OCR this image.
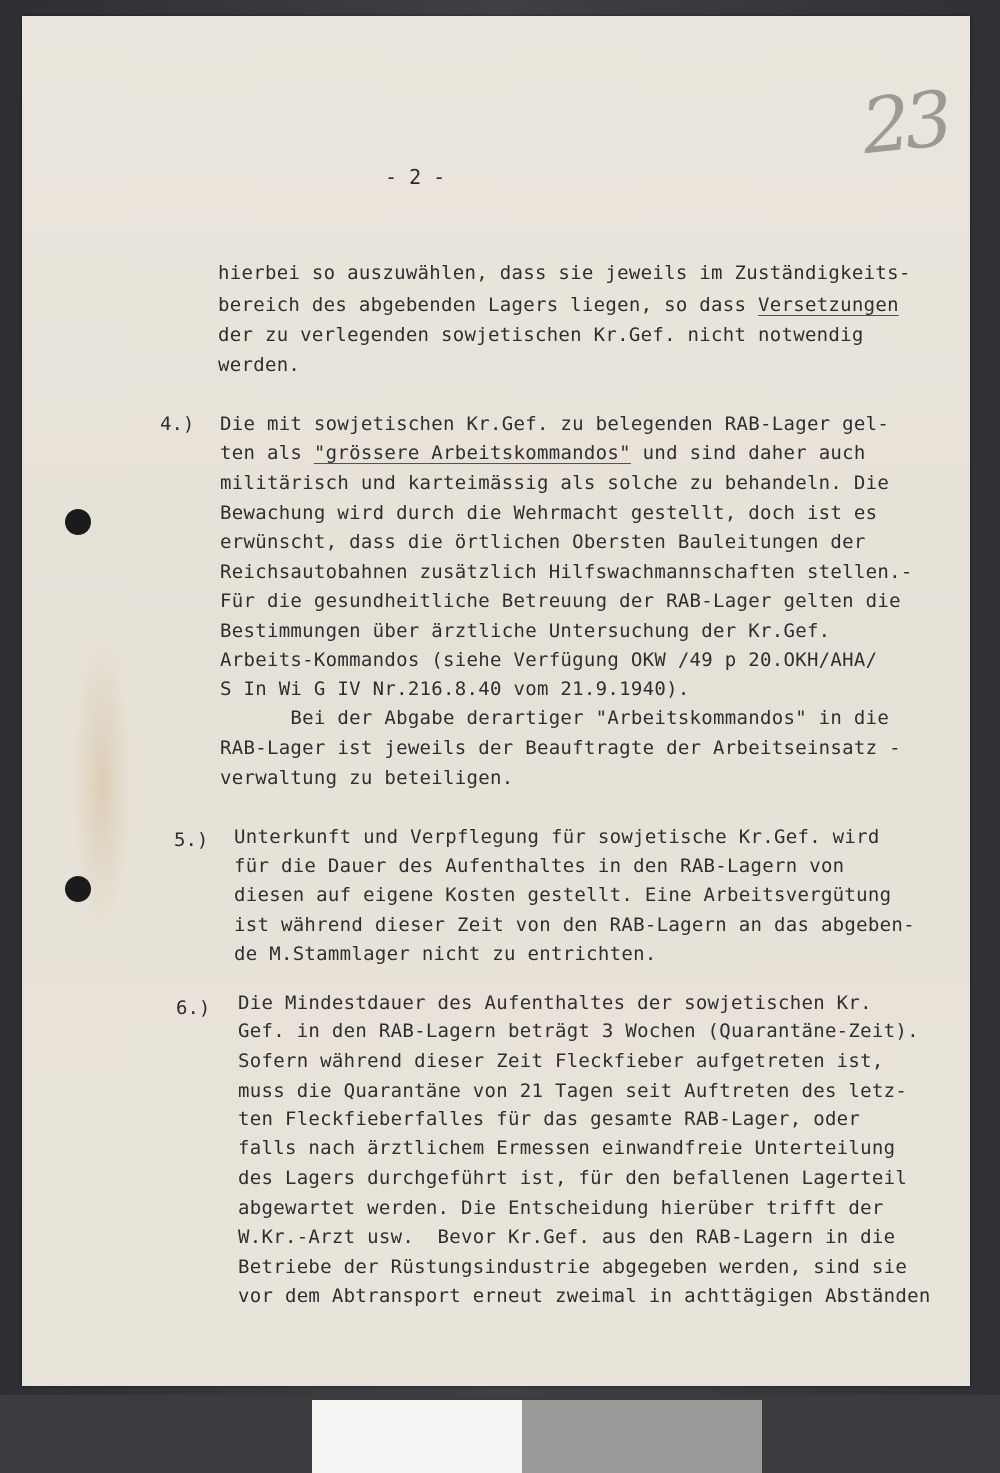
23
- 2 -
hierbei so auszuwählen, dass sie jeweils im Zuständigkeits-
bereich des abgebenden Lagers liegen, so dass Versetzungen
der zu verlegenden sowjetischen Kr.Gef. nicht notwendig
werden.
4.) Die mit sowjetischen Kr.Gef. zu belegenden RAB-Lager gel-
ten als "grössere Arbeitskommandos" und sind daher auch
militärisch und karteimässig als solche zu behandeln. Die
Bewachung wird durch die Wehrmacht gestellt, doch ist es
erwünscht, dass die örtlichen Obersten Bauleitungen der
Reichsautobahnen zusätzlich Hilfswachmannschaften stellen.-
Für die gesundheitliche Betreuung der RAB-Lager gelten die
Bestimmungen über ärztliche Untersuchung der Kr.Gef.
Arbeits-Kommandos (siehe Verfügung OKW /49 p 20.OKH/AHA/
S In Wi G IV Nr.216.8.40 vom 21.9.1940).
Bei der Abgabe derartiger "Arbeitskommandos" in die
RAB-Lager ist jeweils der Beauftragte der Arbeitseinsatz -
verwaltung zu beteiligen.
5.) Unterkunft und Verpflegung für sowjetische Kr.Gef. wird
für die Dauer des Aufenthaltes in den RAB-Lagern von
diesen auf eigene Kosten gestellt. Eine Arbeitsvergütung
ist während dieser Zeit von den RAB-Lagern an das abgeben-
de M.Stammlager nicht zu entrichten.
6.) Die Mindestdauer des Aufenthaltes der sowjetischen Kr.
Gef. in den RAB-Lagern beträgt 3 Wochen (Quarantäne-Zeit).
Sofern während dieser Zeit Fleckfieber aufgetreten ist,
muss die Quarantäne von 21 Tagen seit Auftreten des letz-
ten Fleckfieberfalles für das gesamte RAB-Lager, oder
falls nach ärztlichem Ermessen einwandfreie Unterteilung
des Lagers durchgeführt ist, für den befallenen Lagerteil
abgewartet werden. Die Entscheidung hierüber trifft der
W.Kr.-Arzt usw.  Bevor Kr.Gef. aus den RAB-Lagern in die
Betriebe der Rüstungsindustrie abgegeben werden, sind sie
vor dem Abtransport erneut zweimal in achttägigen Abständen
